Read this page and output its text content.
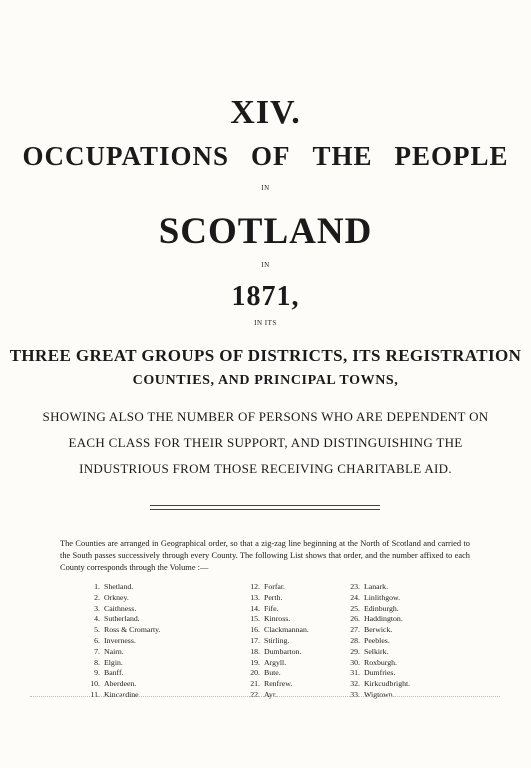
XIV.
OCCUPATIONS OF THE PEOPLE
IN
SCOTLAND
IN
1871,
IN ITS
THREE GREAT GROUPS OF DISTRICTS, ITS REGISTRATION
COUNTIES, AND PRINCIPAL TOWNS,
SHOWING ALSO THE NUMBER OF PERSONS WHO ARE DEPENDENT ON
EACH CLASS FOR THEIR SUPPORT, AND DISTINGUISHING THE
INDUSTRIOUS FROM THOSE RECEIVING CHARITABLE AID.

The Counties are arranged in Geographical order, so that a zig-zag line beginning at the North of Scotland and carried to the South passes successively through every County. The following List shows that order, and the number affixed to each County corresponds through the Volume :—

1. Shetland.
2. Orkney.
3. Caithness.
4. Sutherland.
5. Ross & Cromarty.
6. Inverness.
7. Nairn.
8. Elgin.
9. Banff.
10. Aberdeen.
11. Kincardine.
12. Forfar.
13. Perth.
14. Fife.
15. Kinross.
16. Clackmannan.
17. Stirling.
18. Dumbarton.
19. Argyll.
20. Bute.
21. Renfrew.
22. Ayr.
23. Lanark.
24. Linlithgow.
25. Edinburgh.
26. Haddington.
27. Berwick.
28. Peebles.
29. Selkirk.
30. Roxburgh.
31. Dumfries.
32. Kirkcudbright.
33. Wigtown.
